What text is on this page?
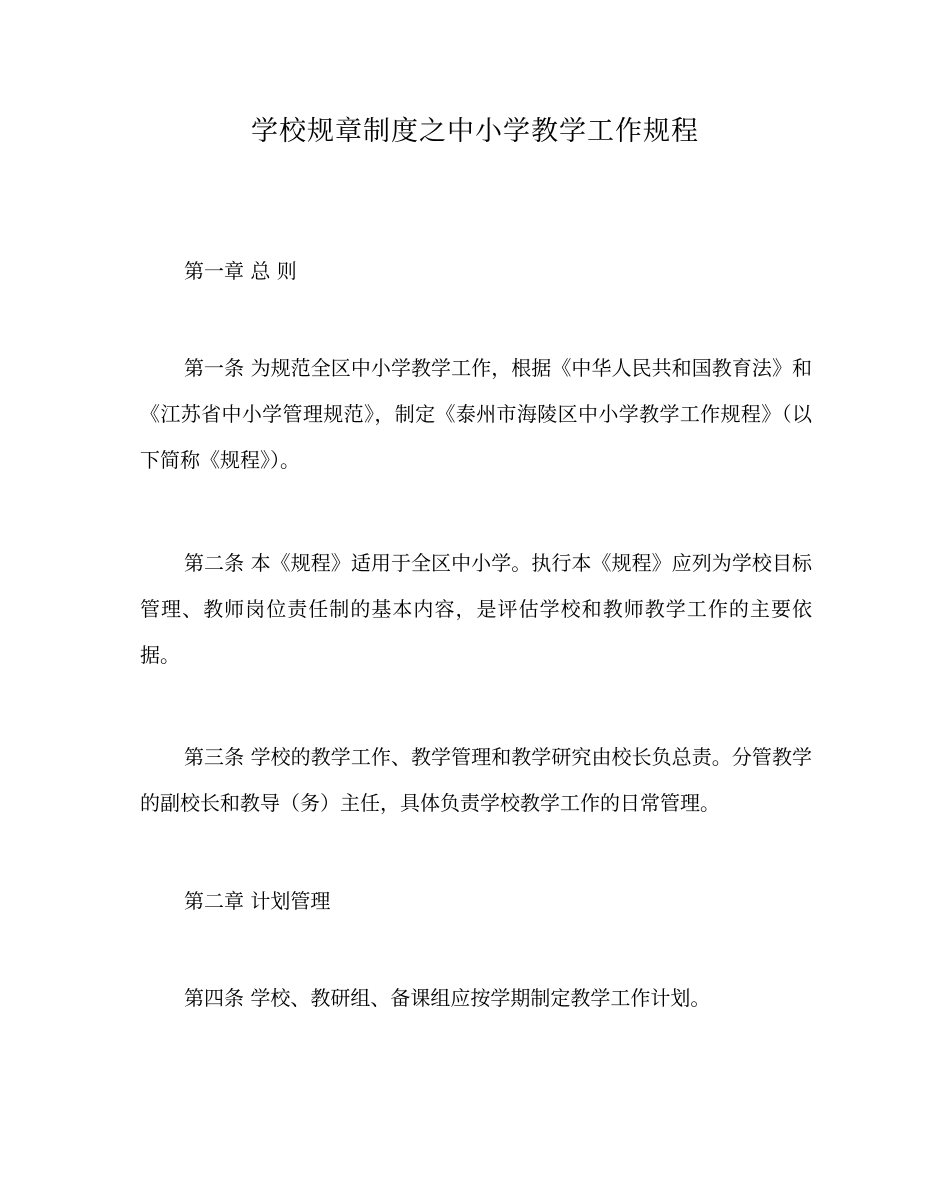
学校规章制度之中小学教学工作规程
第一章 总 则
第一条 为规范全区中小学教学工作，根据《中华人民共和国教育法》和《江苏省中小学管理规范》，制定《泰州市海陵区中小学教学工作规程》（以下简称《规程》）。
第二条 本《规程》适用于全区中小学。执行本《规程》应列为学校目标管理、教师岗位责任制的基本内容，是评估学校和教师教学工作的主要依据。
第三条 学校的教学工作、教学管理和教学研究由校长负总责。分管教学的副校长和教导（务）主任，具体负责学校教学工作的日常管理。
第二章 计划管理
第四条 学校、教研组、备课组应按学期制定教学工作计划。
